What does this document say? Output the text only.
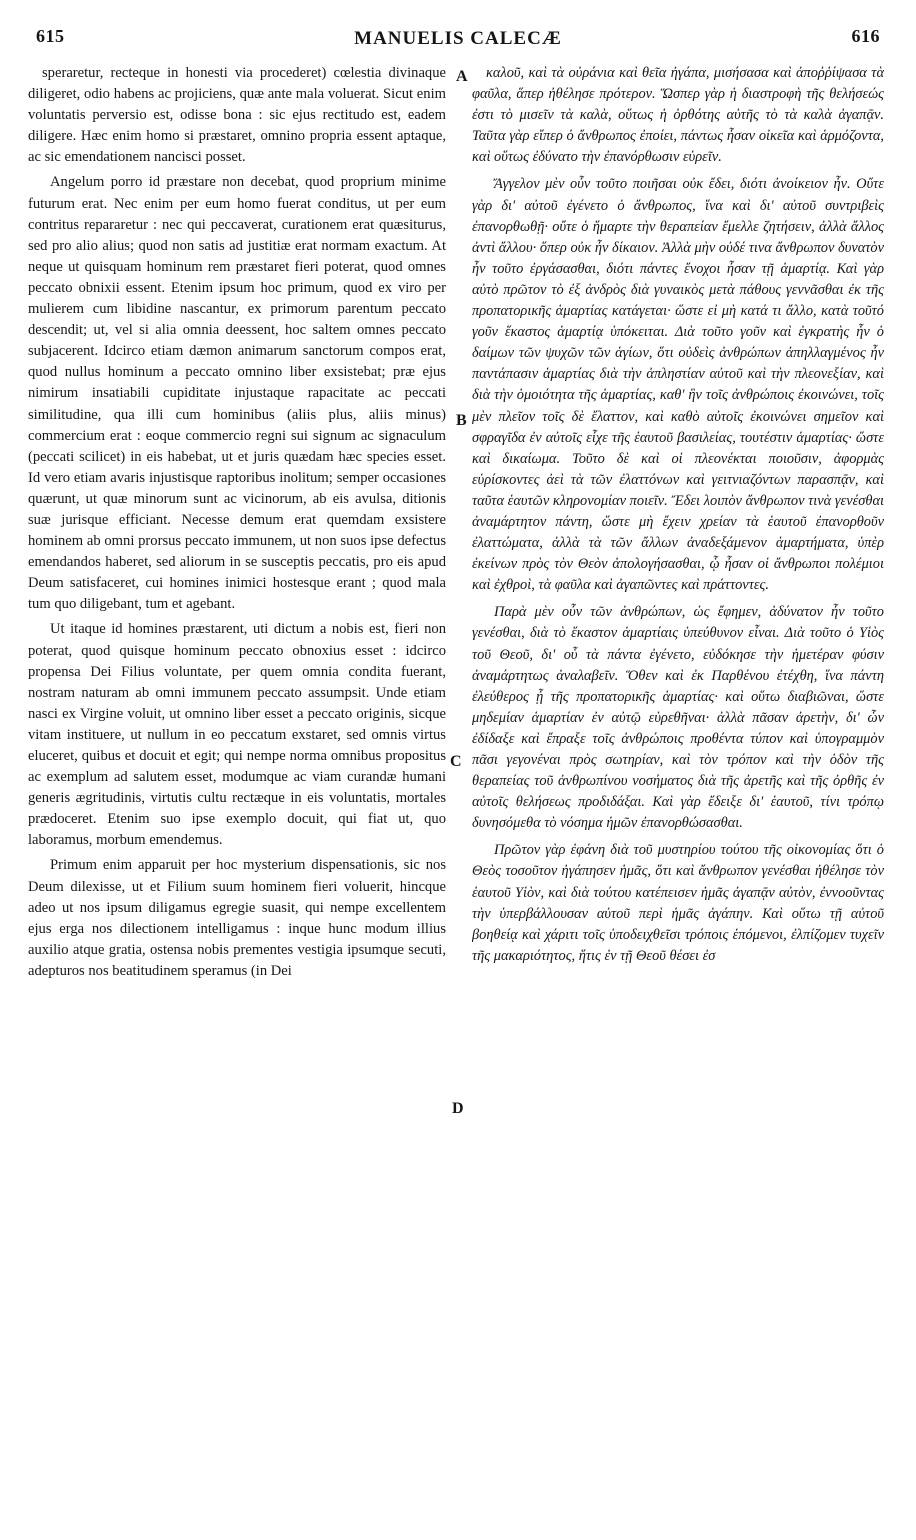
615	MANUELIS CALECÆ	616

speraretur, recteque in honesti via procederet) cœlestia divinaque diligeret, odio habens ac projiciens, quæ ante mala voluerat. Sicut enim voluntatis perversio est, odisse bona : sic ejus rectitudo est, eadem diligere. Hæc enim homo si præstaret, omnino propria essent aptaque, ac sic emendationem nancisci posset.

Angelum porro id præstare non decebat, quod proprium minime futurum erat. Nec enim per eum homo fuerat conditus, ut per eum contritus repararetur : nec qui peccaverat, curationem erat quæsiturus, sed pro alio alius; quod non satis ad justitiæ erat normam exactum. At neque ut quisquam hominum rem præstaret fieri poterat, quod omnes peccato obnixii essent. Etenim ipsum hoc primum, quod ex viro per mulierem cum libidine nascantur, ex primorum parentum peccato descendit; ut, vel si alia omnia deessent, hoc saltem omnes peccato subjacerent. Idcirco etiam dæmon animarum sanctorum compos erat, quod nullus hominum a peccato omnino liber exsistebat; præ ejus nimirum insatiabili cupiditate injustaque rapacitate ac peccati similitudine, qua illi cum hominibus (aliis plus, aliis minus) commercium erat : eoque commercio regni sui signum ac signaculum (peccati scilicet) in eis habebat, ut et juris quædam hæc species esset. Id vero etiam avaris injustisque raptoribus inolitum; semper occasiones quærunt, ut quæ minorum sunt ac vicinorum, ab eis avulsa, ditionis suæ jurisque efficiant. Necesse demum erat quemdam exsistere hominem ab omni prorsus peccato immunem, ut non suos ipse defectus emendandos haberet, sed aliorum in se susceptis peccatis, pro eis apud Deum satisfaceret, cui homines inimici hostesque erant ; quod mala tum quo diligebant, tum et agebant.

Ut itaque id homines præstarent, uti dictum a nobis est, fieri non poterat, quod quisque hominum peccato obnoxius esset : idcirco propensa Dei Filius voluntate, per quem omnia condita fuerant, nostram naturam ab omni immunem peccato assumpsit. Unde etiam nasci ex Virgine voluit, ut omnino liber esset a peccato originis, sicque vitam instituere, ut nullum in eo peccatum exstaret, sed omnis virtus eluceret, quibus et docuit et egit; qui nempe norma omnibus propositus ac exemplum ad salutem esset, modumque ac viam curandæ humani generis ægritudinis, virtutis cultu rectæque in eis voluntatis, mortales prædoceret. Etenim suo ipse exemplo docuit, qui fiat ut, quo laboramus, morbum emendemus.

Primum enim apparuit per hoc mysterium dispensationis, sic nos Deum dilexisse, ut et Filium suum hominem fieri voluerit, hincque adeo ut nos ipsum diligamus egregie suasit, qui nempe excellentem ejus erga nos dilectionem intelligamus : inque hunc modum illius auxilio atque gratia, ostensa nobis prementes vestigia ipsumque secuti, adepturos nos beatitudinem speramus (in Dei

A
B
C
D

καλοῦ, καὶ τὰ οὐράνια καὶ θεῖα ἠγάπα, μισήσασα καὶ ἀποῤῥίψασα τὰ φαῦλα, ἅπερ ἠθέλησε πρότερον. Ὥσπερ γὰρ ἡ διαστροφὴ τῆς θελήσεώς ἐστι τὸ μισεῖν τὰ καλὰ, οὕτως ἡ ὀρθότης αὐτῆς τὸ τὰ καλὰ ἀγαπᾷν. Ταῦτα γὰρ εἴπερ ὁ ἄνθρωπος ἐποίει, πάντως ἦσαν οἰκεῖα καὶ ἁρμόζοντα, καὶ οὕτως ἐδύνατο τὴν ἐπανόρθωσιν εὑρεῖν.

Ἄγγελον μὲν οὖν τοῦτο ποιῆσαι οὐκ ἔδει, διότι ἀνοίκειον ἦν. Οὔτε γὰρ δι' αὐτοῦ ἐγένετο ὁ ἄνθρωπος, ἵνα καὶ δι' αὐτοῦ συντριβεὶς ἐπανορθωθῇ· οὔτε ὁ ἥμαρτε τὴν θεραπείαν ἔμελλε ζητήσειν, ἀλλὰ ἄλλος ἀντὶ ἄλλου· ὅπερ οὐκ ἦν δίκαιον. Ἀλλὰ μὴν οὐδέ τινα ἄνθρωπον δυνατὸν ἦν τοῦτο ἐργάσασθαι, διότι πάντες ἔνοχοι ἦσαν τῇ ἁμαρτίᾳ. Καὶ γὰρ αὐτὸ πρῶτον τὸ ἐξ ἀνδρὸς διὰ γυναικὸς μετὰ πάθους γεννᾶσθαι ἐκ τῆς προπατορικῆς ἁμαρτίας κατάγεται· ὥστε εἰ μὴ κατά τι ἄλλο, κατὰ τοῦτό γοῦν ἕκαστος ἁμαρτίᾳ ὑπόκειται. Διὰ τοῦτο γοῦν καὶ ἐγκρατὴς ἦν ὁ δαίμων τῶν ψυχῶν τῶν ἁγίων, ὅτι οὐδεὶς ἀνθρώπων ἀπηλλαγμένος ἦν παντάπασιν ἁμαρτίας διὰ τὴν ἀπληστίαν αὐτοῦ καὶ τὴν πλεονεξίαν, καὶ διὰ τὴν ὁμοιότητα τῆς ἁμαρτίας, καθ' ἣν τοῖς ἀνθρώποις ἐκοινώνει, τοῖς μὲν πλεῖον τοῖς δὲ ἔλαττον, καὶ καθὸ αὐτοῖς ἐκοινώνει σημεῖον καὶ σφραγῖδα ἐν αὐτοῖς εἶχε τῆς ἑαυτοῦ βασιλείας, τουτέστιν ἁμαρτίας· ὥστε καὶ δικαίωμα. Τοῦτο δὲ καὶ οἱ πλεονέκται ποιοῦσιν, ἀφορμὰς εὑρίσκοντες ἀεὶ τὰ τῶν ἐλαττόνων καὶ γειτνιαζόντων παρασπᾷν, καὶ ταῦτα ἑαυτῶν κληρονομίαν ποιεῖν. Ἔδει λοιπὸν ἄνθρωπον τινὰ γενέσθαι ἀναμάρτητον πάντη, ὥστε μὴ ἔχειν χρείαν τὰ ἑαυτοῦ ἐπανορθοῦν ἐλαττώματα, ἀλλὰ τὰ τῶν ἄλλων ἀναδεξάμενον ἁμαρτήματα, ὑπὲρ ἐκείνων πρὸς τὸν Θεὸν ἀπολογήσασθαι, ᾧ ἦσαν οἱ ἄνθρωποι πολέμιοι καὶ ἐχθροὶ, τὰ φαῦλα καὶ ἀγαπῶντες καὶ πράττοντες.

Παρὰ μὲν οὖν τῶν ἀνθρώπων, ὡς ἔφημεν, ἀδύνατον ἦν τοῦτο γενέσθαι, διὰ τὸ ἕκαστον ἁμαρτίαις ὑπεύθυνον εἶναι. Διὰ τοῦτο ὁ Υἱὸς τοῦ Θεοῦ, δι' οὗ τὰ πάντα ἐγένετο, εὐδόκησε τὴν ἡμετέραν φύσιν ἀναμάρτητως ἀναλαβεῖν. Ὅθεν καὶ ἐκ Παρθένου ἐτέχθη, ἵνα πάντη ἐλεύθερος ᾖ τῆς προπατορικῆς ἁμαρτίας· καὶ οὕτω διαβιῶναι, ὥστε μηδεμίαν ἁμαρτίαν ἐν αὐτῷ εὑρεθῆναι· ἀλλὰ πᾶσαν ἀρετὴν, δι' ὧν ἐδίδαξε καὶ ἔπραξε τοῖς ἀνθρώποις προθέντα τύπον καὶ ὑπογραμμὸν πᾶσι γεγονέναι πρὸς σωτηρίαν, καὶ τὸν τρόπον καὶ τὴν ὁδὸν τῆς θεραπείας τοῦ ἀνθρωπίνου νοσήματος διὰ τῆς ἀρετῆς καὶ τῆς ὀρθῆς ἐν αὐτοῖς θελήσεως προδιδάξαι. Καὶ γὰρ ἔδειξε δι' ἑαυτοῦ, τίνι τρόπῳ δυνησόμεθα τὸ νόσημα ἡμῶν ἐπανορθώσασθαι.

Πρῶτον γὰρ ἐφάνη διὰ τοῦ μυστηρίου τούτου τῆς οἰκονομίας ὅτι ὁ Θεὸς τοσοῦτον ἠγάπησεν ἡμᾶς, ὅτι καὶ ἄνθρωπον γενέσθαι ἠθέλησε τὸν ἑαυτοῦ Υἱὸν, καὶ διὰ τούτου κατέπεισεν ἡμᾶς ἀγαπᾷν αὐτὸν, ἐννοοῦντας τὴν ὑπερβάλλουσαν αὐτοῦ περὶ ἡμᾶς ἀγάπην. Καὶ οὕτω τῇ αὐτοῦ βοηθείᾳ καὶ χάριτι τοῖς ὑποδειχθεῖσι τρόποις ἑπόμενοι, ἐλπίζομεν τυχεῖν τῆς μακαριότητος, ἥτις ἐν τῇ Θεοῦ θέσει ἐσ
